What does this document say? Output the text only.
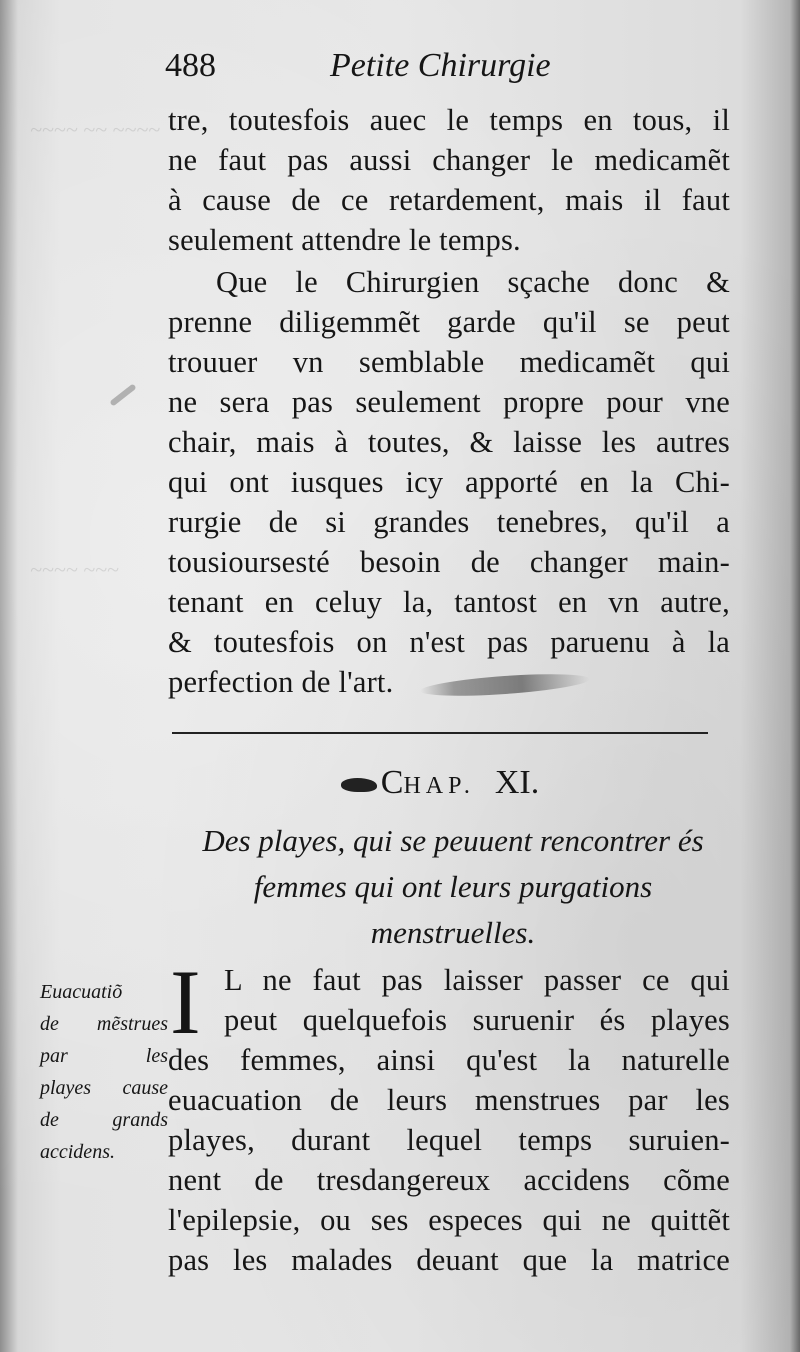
~~~~ ~~ ~~~~
~~~~ ~~~
488	Petite Chirurgie
tre, toutesfois auec le temps en tous, il
ne faut pas aussi changer le medicamẽt
à cause de ce retardement, mais il faut
seulement attendre le temps.
Que le Chirurgien sçache donc &
prenne diligemmẽt garde qu'il se peut
trouuer vn semblable medicamẽt qui
ne sera pas seulement propre pour vne
chair, mais à toutes, & laisse les autres
qui ont iusques icy apporté en la Chi-
rurgie de si grandes tenebres, qu'il a
tousioursesté besoin de changer main-
tenant en celuy la, tantost en vn autre,
& toutesfois on n'est pas paruenu à la
perfection de l'art.
CHAP. XI.
Des playes, qui se peuuent rencontrer és
femmes qui ont leurs purgations
menstruelles.
Euacuatiõ
de mẽstrues
par les
playes cause
de grands
accidens.
I L ne faut pas laisser passer ce qui
peut quelquefois suruenir és playes
des femmes, ainsi qu'est la naturelle
euacuation de leurs menstrues par les
playes, durant lequel temps suruien-
nent de tresdangereux accidens cõme
l'epilepsie, ou ses especes qui ne quittẽt
pas les malades deuant que la matrice
